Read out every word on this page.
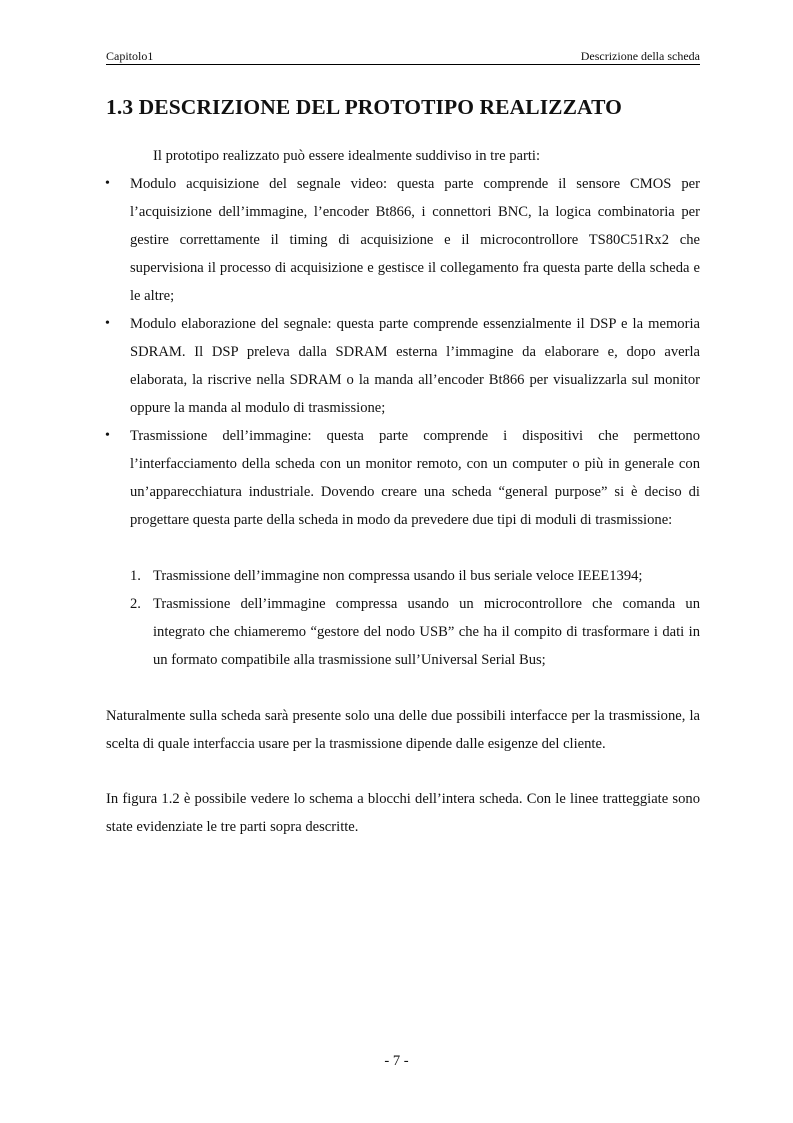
Capitolo1	Descrizione della scheda
1.3 DESCRIZIONE DEL PROTOTIPO REALIZZATO

Il prototipo realizzato può essere idealmente suddiviso in tre parti:

• Modulo acquisizione del segnale video: questa parte comprende il sensore CMOS per l’acquisizione dell’immagine, l’encoder Bt866, i connettori BNC, la logica combinatoria per gestire correttamente il timing di acquisizione e il microcontrollore TS80C51Rx2 che supervisiona il processo di acquisizione e gestisce il collegamento fra questa parte della scheda e le altre;
• Modulo elaborazione del segnale: questa parte comprende essenzialmente il DSP e la memoria SDRAM. Il DSP preleva dalla SDRAM esterna l’immagine da elaborare e, dopo averla elaborata, la riscrive nella SDRAM o la manda all’encoder Bt866 per visualizzarla sul monitor oppure la manda al modulo di trasmissione;
• Trasmissione dell’immagine: questa parte comprende i dispositivi che permettono l’interfacciamento della scheda con un monitor remoto, con un computer o più in generale con un’apparecchiatura industriale. Dovendo creare una scheda “general purpose” si è deciso di progettare questa parte della scheda in modo da prevedere due tipi di moduli di trasmissione:
1. Trasmissione dell’immagine non compressa usando il bus seriale veloce IEEE1394;
2. Trasmissione dell’immagine compressa usando un microcontrollore che comanda un integrato che chiameremo “gestore del nodo USB” che ha il compito di trasformare i dati in un formato compatibile alla trasmissione sull’Universal Serial Bus;

Naturalmente sulla scheda sarà presente solo una delle due possibili interfacce per la trasmissione, la scelta di quale interfaccia usare per la trasmissione dipende dalle esigenze del cliente.

In figura 1.2 è possibile vedere lo schema a blocchi dell’intera scheda. Con le linee tratteggiate sono state evidenziate le tre parti sopra descritte.

- 7 -
